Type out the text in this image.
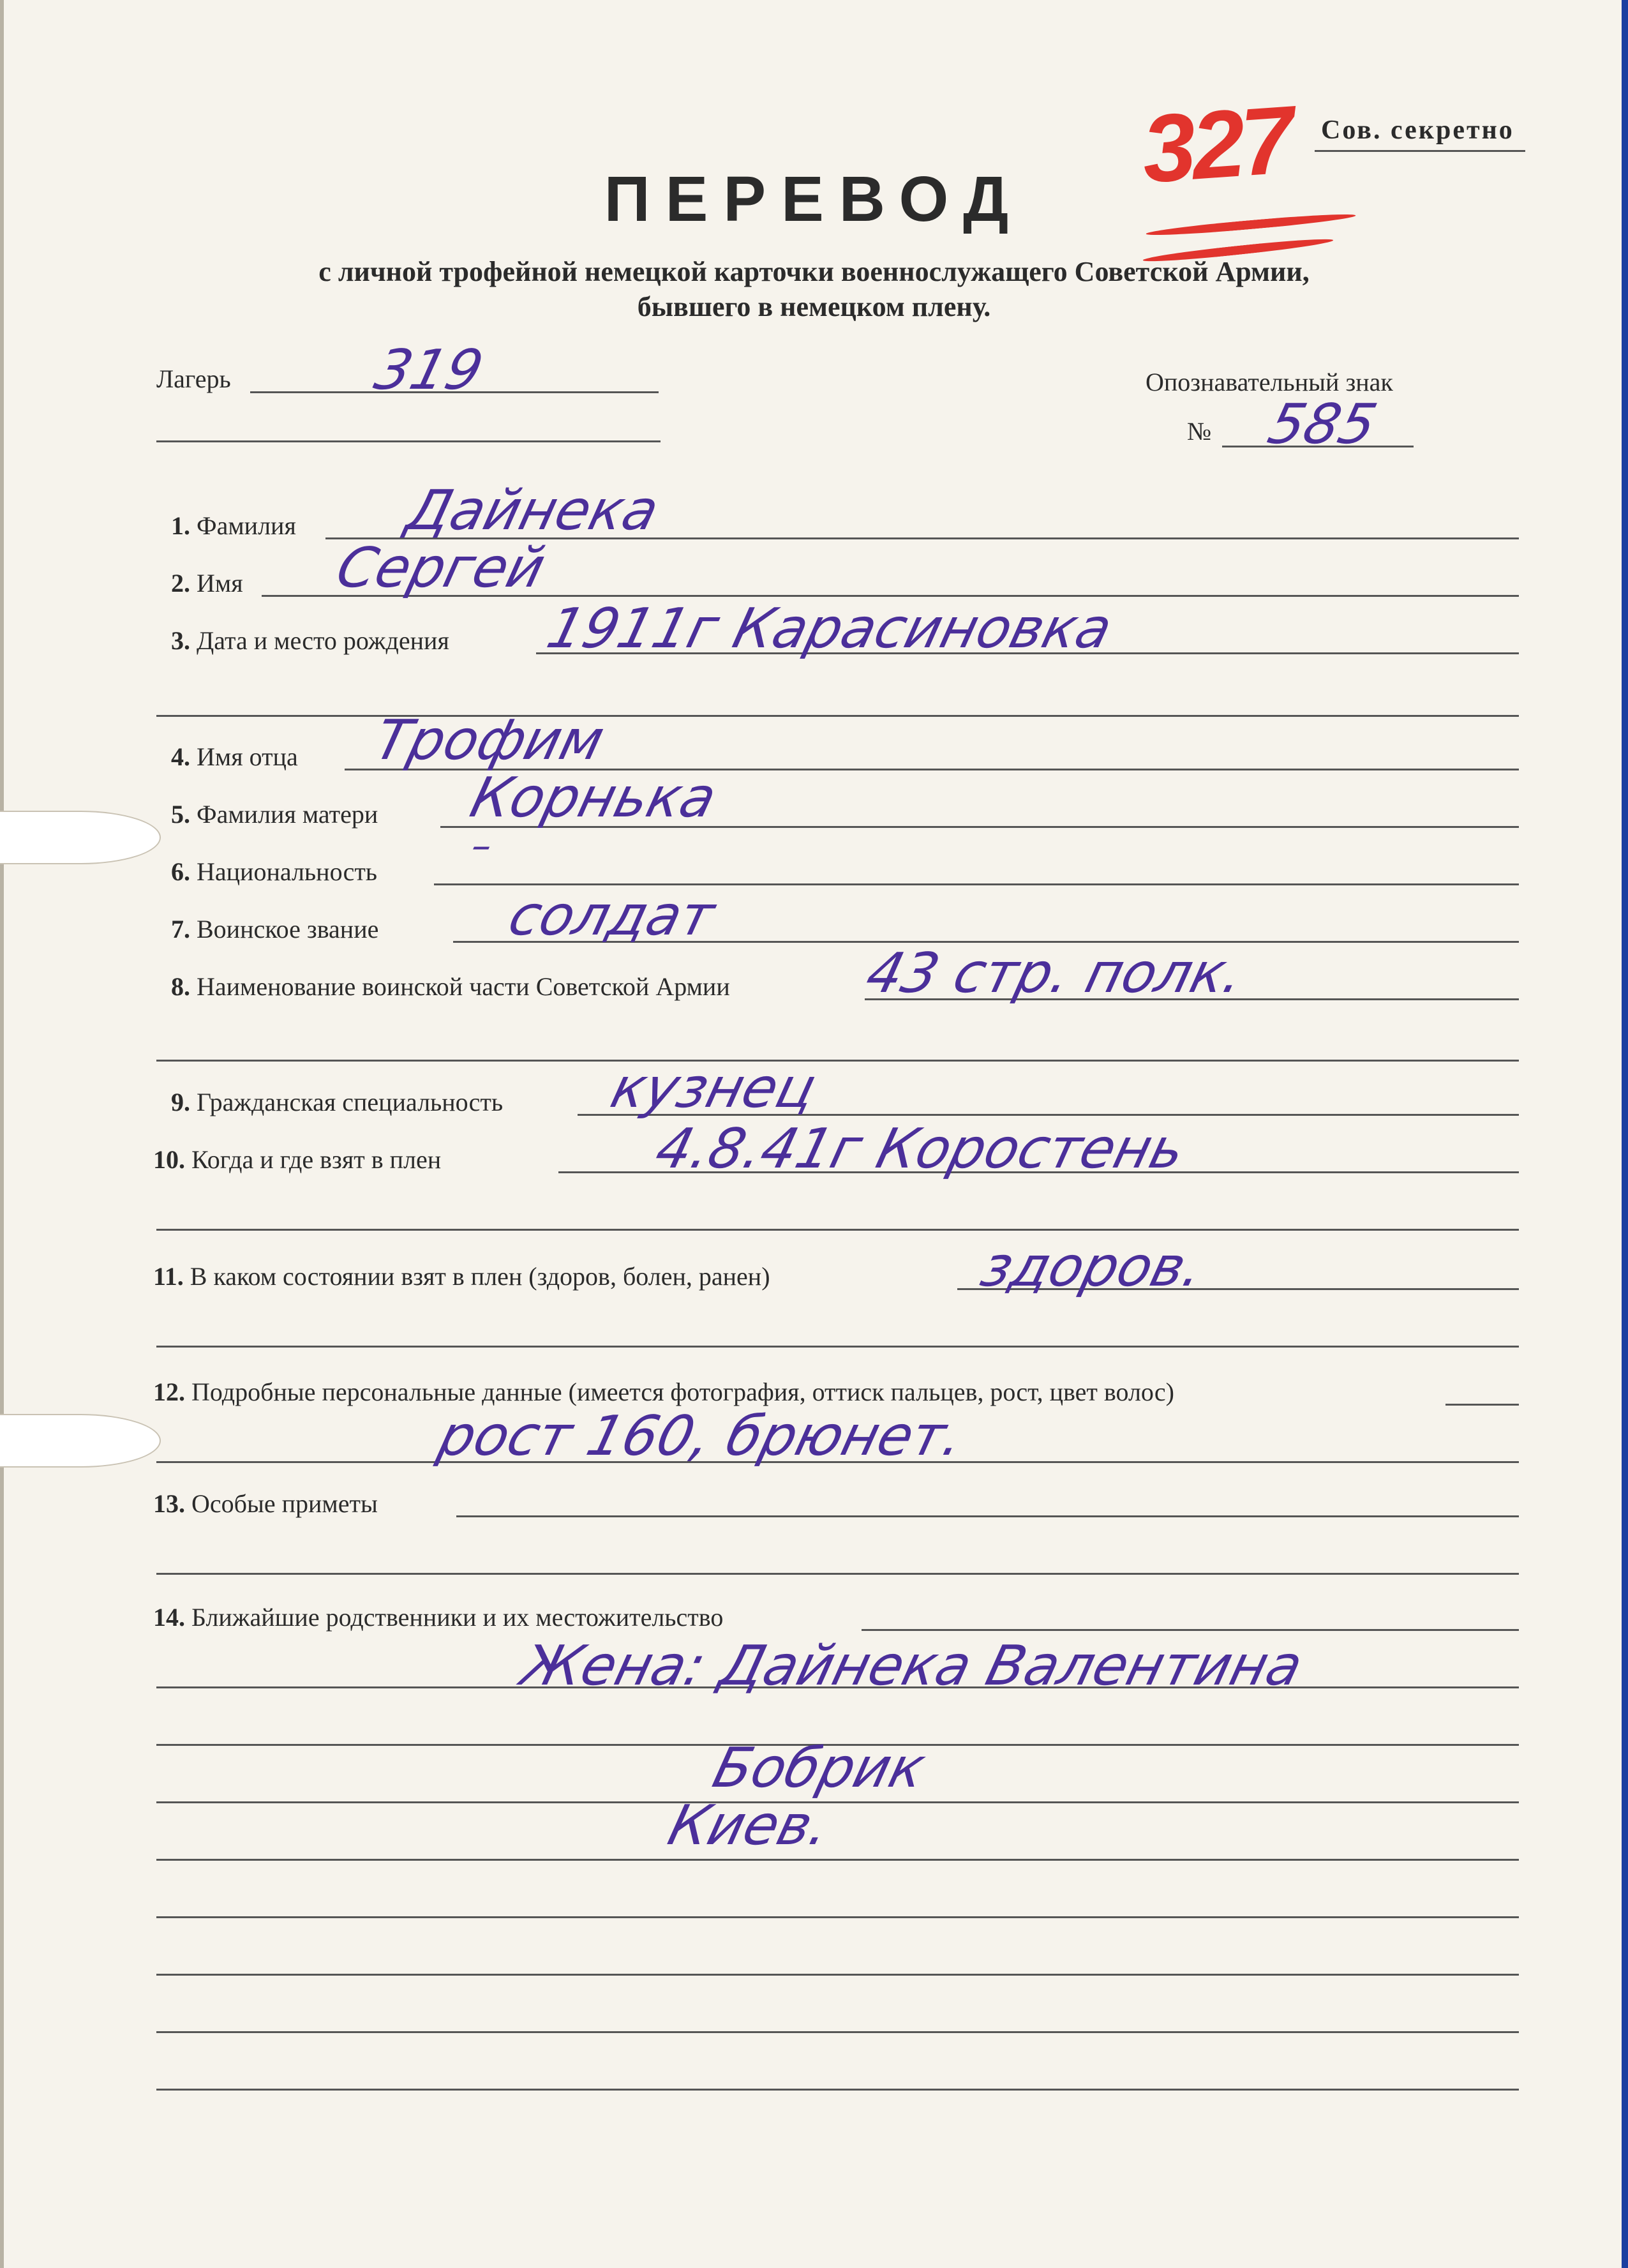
327 Сов. секретно
ПЕРЕВОД
с личной трофейной немецкой карточки военнослужащего Советской Армии,
бывшего в немецком плену.
Лагерь	319	Опознавательный знак
№ 585
1. Фамилия Дайнека
2. Имя Сергей
3. Дата и место рождения 1911г Карасиновка
4. Имя отца Трофим
5. Фамилия матери Корнька
6. Национальность
–
7. Воинское звание солдат
8. Наименование воинской части Советской Армии 43 стр. полк.
9. Гражданская специальность кузнец
10. Когда и где взят в плен	4.8.41г Коростень
11. В каком состоянии взят в плен (здоров, болен, ранен)	здоров.
12. Подробные персональные данные (имеется фотография, оттиск пальцев, рост, цвет волос)
рост 160, брюнет.
13. Особые приметы
14. Ближайшие родственники и их местожительство
Жена: Дайнека Валентина
Бобрик
Киев.
